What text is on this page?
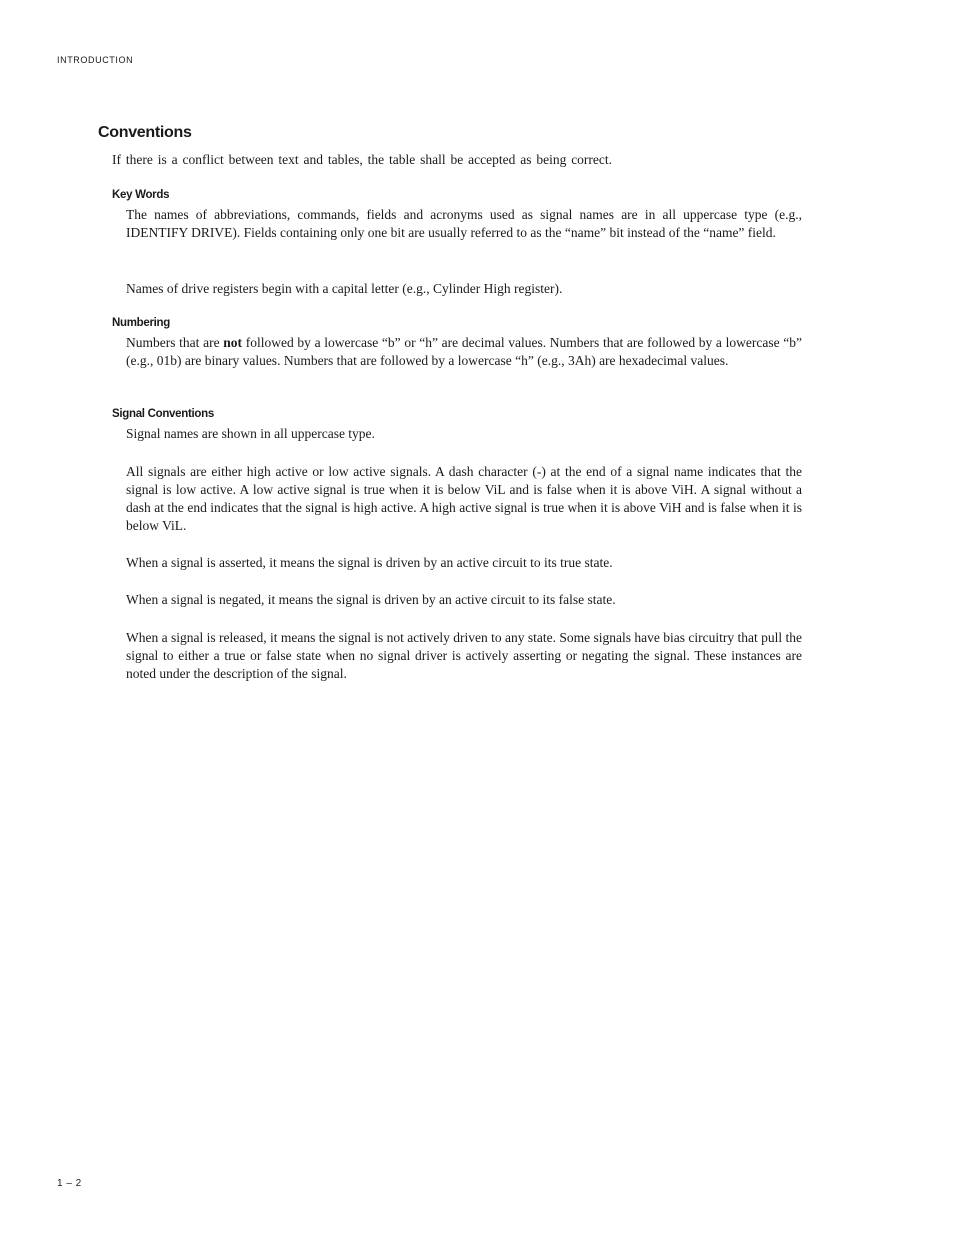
INTRODUCTION
Conventions

If there is a conflict between text and tables, the table shall be accepted as being correct.

Key Words

The names of abbreviations, commands, fields and acronyms used as signal names are in all uppercase type (e.g., IDENTIFY DRIVE). Fields containing only one bit are usually referred to as the “name” bit instead of the “name” field.

Names of drive registers begin with a capital letter (e.g., Cylinder High register).

Numbering

Numbers that are not followed by a lowercase “b” or “h” are decimal values. Numbers that are followed by a lowercase “b” (e.g., 01b) are binary values. Numbers that are followed by a lowercase “h” (e.g., 3Ah) are hexadecimal values.

Signal Conventions

Signal names are shown in all uppercase type.

All signals are either high active or low active signals. A dash character (-) at the end of a signal name indicates that the signal is low active. A low active signal is true when it is below ViL and is false when it is above ViH. A signal without a dash at the end indicates that the signal is high active. A high active signal is true when it is above ViH and is false when it is below ViL.

When a signal is asserted, it means the signal is driven by an active circuit to its true state.

When a signal is negated, it means the signal is driven by an active circuit to its false state.

When a signal is released, it means the signal is not actively driven to any state. Some signals have bias circuitry that pull the signal to either a true or false state when no signal driver is actively asserting or negating the signal. These instances are noted under the description of the signal.

1 – 2
